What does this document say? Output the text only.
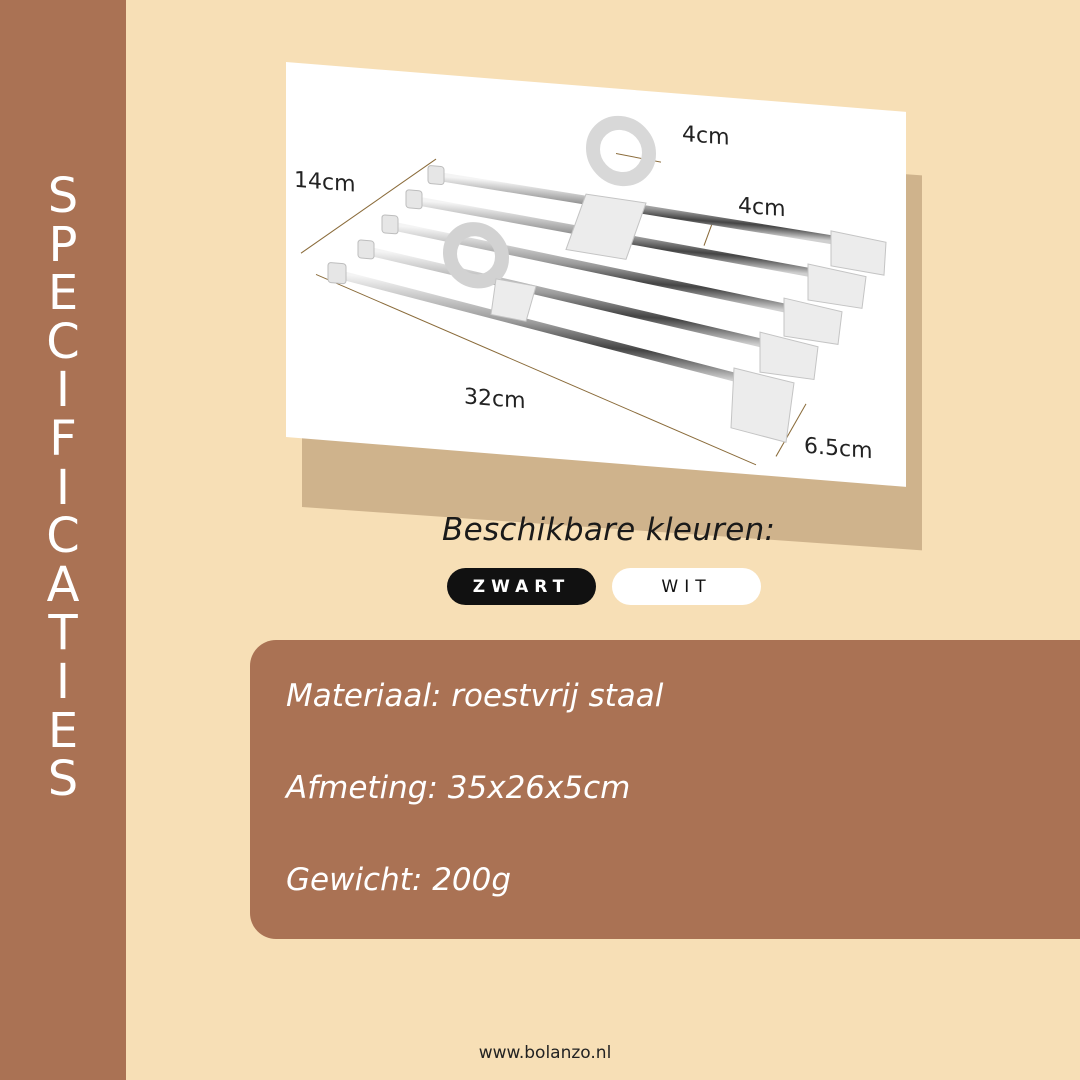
S
P
E
C
I
F
I
C
A
T
I
E
S
4cm
4cm
14cm
32cm
6.5cm
Beschikbare kleuren:
ZWART	WIT
Materiaal: roestvrij staal
Afmeting: 35x26x5cm
Gewicht: 200g
www.bolanzo.nl
